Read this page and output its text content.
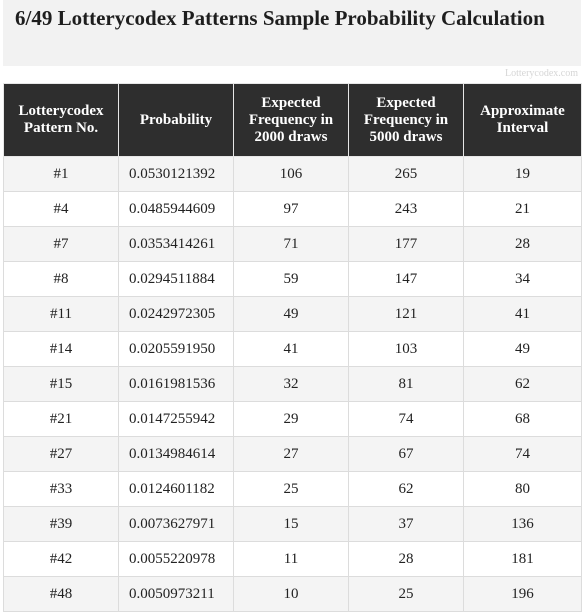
6/49 Lotterycodex Patterns Sample Probability Calculation
Lotterycodex.com
Lotterycodex Pattern No.	Probability	Expected Frequency in 2000 draws	Expected Frequency in 5000 draws	Approximate Interval
#1	0.0530121392	106	265	19
#4	0.0485944609	97	243	21
#7	0.0353414261	71	177	28
#8	0.0294511884	59	147	34
#11	0.0242972305	49	121	41
#14	0.0205591950	41	103	49
#15	0.0161981536	32	81	62
#21	0.0147255942	29	74	68
#27	0.0134984614	27	67	74
#33	0.0124601182	25	62	80
#39	0.0073627971	15	37	136
#42	0.0055220978	11	28	181
#48	0.0050973211	10	25	196
